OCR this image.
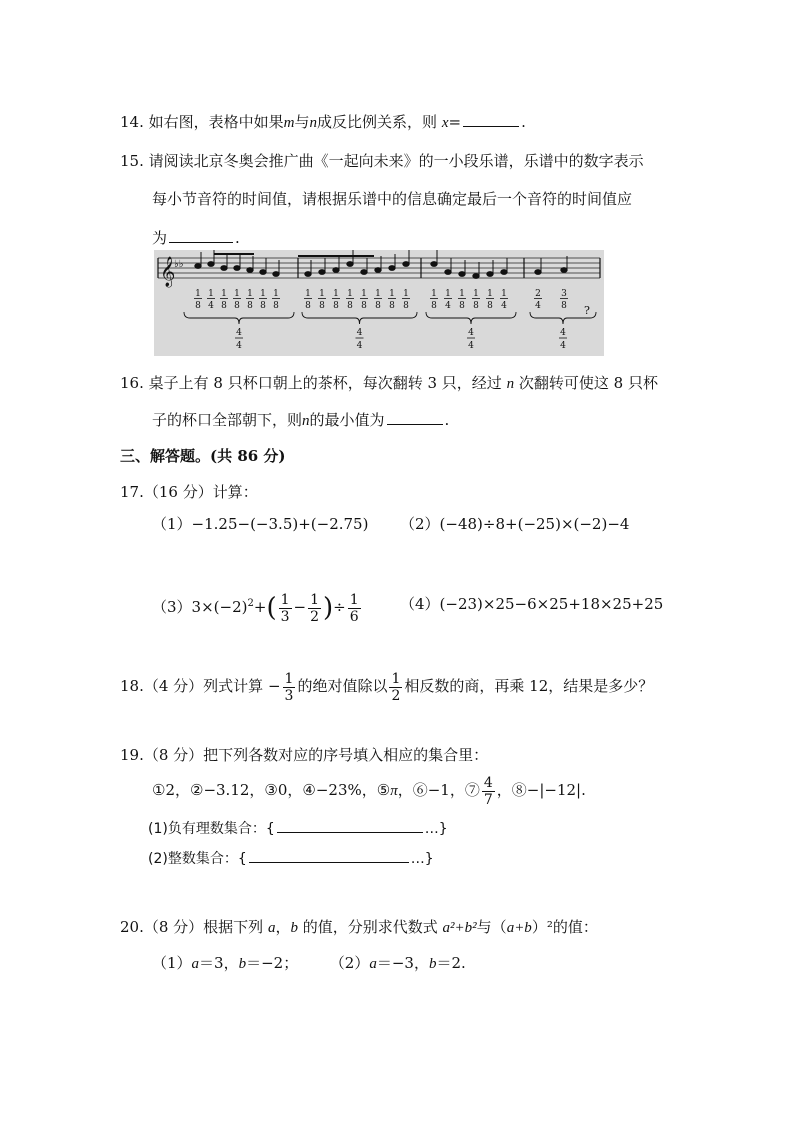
14. 如右图，表格中如果m与n成反比例关系，则 x=	.
15. 请阅读北京冬奥会推广曲《一起向未来》的一小段乐谱，乐谱中的数字表示
每小节音符的时间值，请根据乐谱中的信息确定最后一个音符的时间值应
为	.
𝄞
♭♭
1
8
1
4
1
8
1
8
1
8
1
8
1
8
4
4
1
8
1
8
1
8
1
8
1
8
1
8
1
8
1
8
4
4
1
8
1
4
1
8
1
8
1
8
1
4
4
4
2
4
3
8
4
4
?
16. 桌子上有 8 只杯口朝上的茶杯，每次翻转 3 只，经过 n 次翻转可使这 8 只杯
子的杯口全部朝下，则n的最小值为	.
三、解答题。(共 86 分)
17.（16 分）计算：
（1）−1.25−(−3.5)+(−2.75) （2）(−48)÷8+(−25)×(−2)−4
$(3)3\times(-2)^2+( \frac{1}{3} - \frac{1}{2}$ )÷ $\frac{1}{6}$	（4）(−23)×25−6×25+18×25+25
18.（4 分）列式计算 − $\frac{1}{3}$ 的绝对值除以 $\frac{1}{2}$ 相反数的商，再乘 12，结果是多少？
19.（8 分）把下列各数对应的序号填入相应的集合里：
①2，②−3.12，③0，④−23%，⑤π，⑥−1，⑦ $\frac{4}{7}$ ，⑧−|−12|.
(1)负有理数集合：{	…}
(2)整数集合：{	…}
20.（8 分）根据下列 a，b 的值，分别求代数式 a²+b²与（a+b）²的值：
（1）a＝3，b＝−2； （2）a＝−3，b＝2.
